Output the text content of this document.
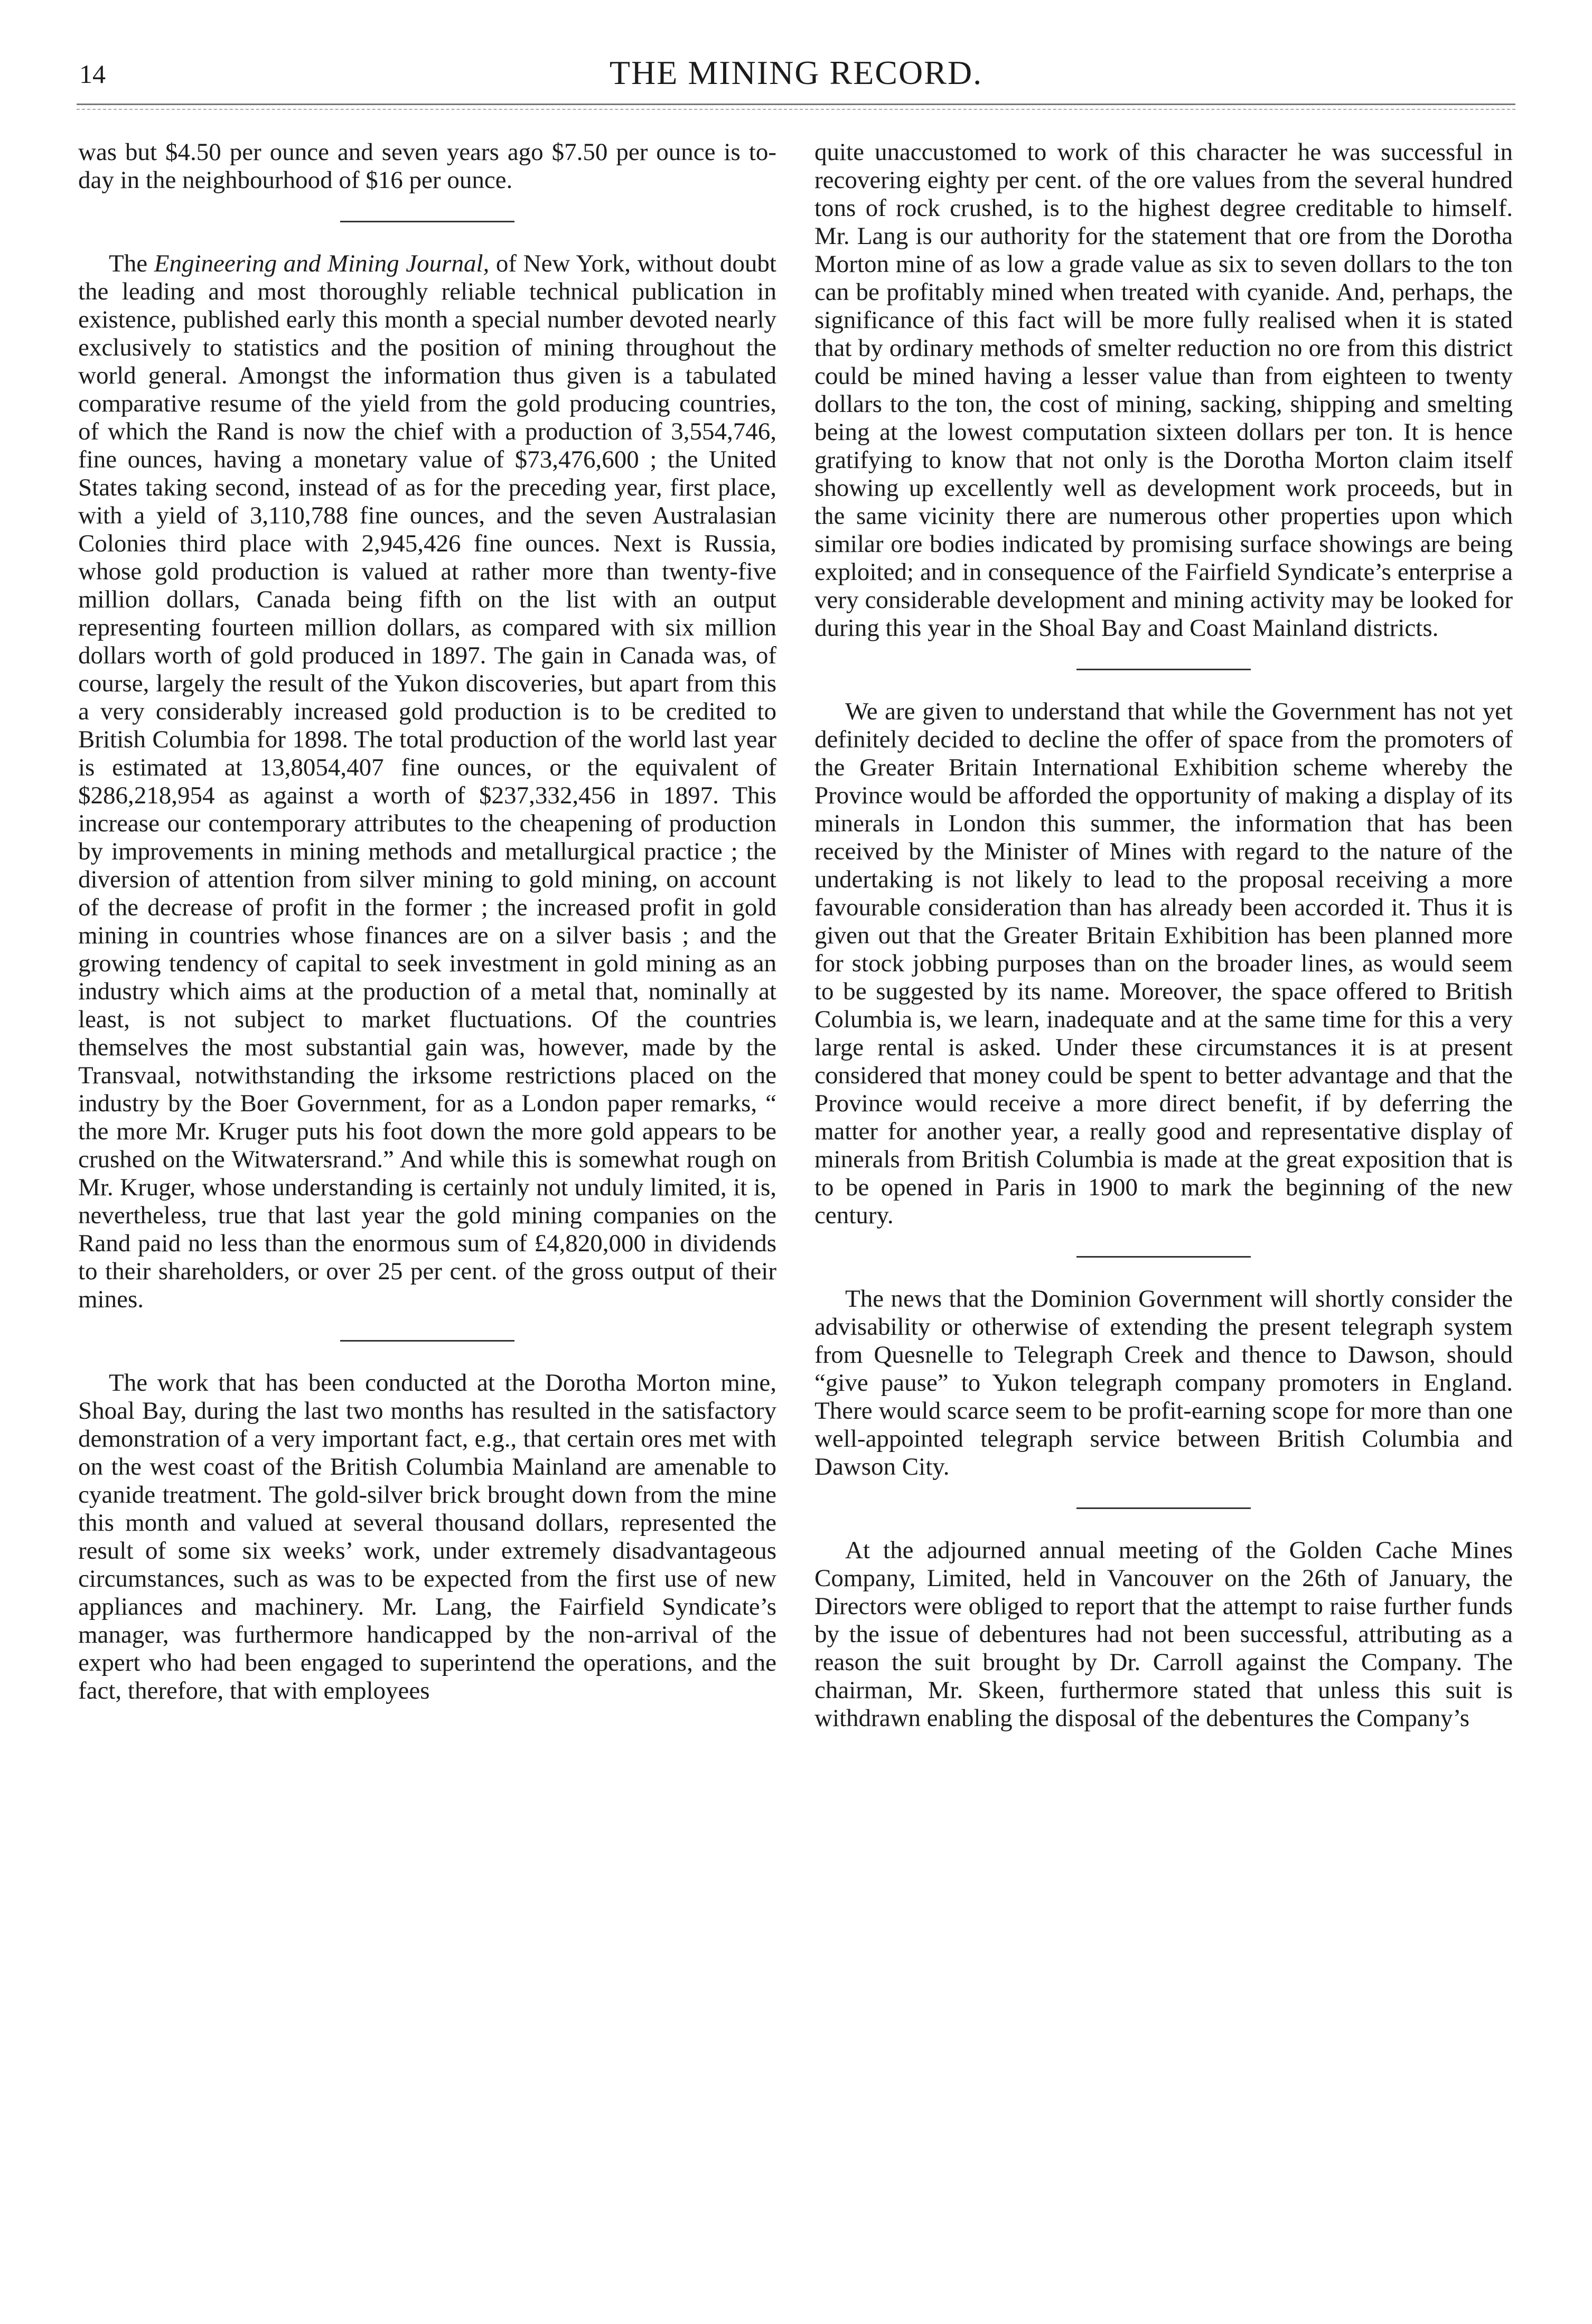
14	THE MINING RECORD.

was but $4.50 per ounce and seven years ago $7.50 per ounce is to-day in the neighbourhood of $16 per ounce.

The Engineering and Mining Journal, of New York, without doubt the leading and most thoroughly reliable technical publication in existence, published early this month a special number devoted nearly exclusively to statistics and the position of mining throughout the world general. Amongst the information thus given is a tabulated comparative resume of the yield from the gold producing countries, of which the Rand is now the chief with a production of 3,554,746, fine ounces, having a monetary value of $73,476,600 ; the United States taking second, instead of as for the preceding year, first place, with a yield of 3,110,788 fine ounces, and the seven Australasian Colonies third place with 2,945,426 fine ounces. Next is Russia, whose gold production is valued at rather more than twenty-five million dollars, Canada being fifth on the list with an output representing fourteen million dollars, as compared with six million dollars worth of gold produced in 1897. The gain in Canada was, of course, largely the result of the Yukon discoveries, but apart from this a very considerably increased gold production is to be credited to British Columbia for 1898. The total production of the world last year is estimated at 13,8054,407 fine ounces, or the equivalent of $286,218,954 as against a worth of $237,332,456 in 1897. This increase our contemporary attributes to the cheapening of production by improvements in mining methods and metallurgical practice ; the diversion of attention from silver mining to gold mining, on account of the decrease of profit in the former ; the increased profit in gold mining in countries whose finances are on a silver basis ; and the growing tendency of capital to seek investment in gold mining as an industry which aims at the production of a metal that, nominally at least, is not subject to market fluctuations. Of the countries themselves the most substantial gain was, however, made by the Transvaal, notwithstanding the irksome restrictions placed on the industry by the Boer Government, for as a London paper remarks, “ the more Mr. Kruger puts his foot down the more gold appears to be crushed on the Witwatersrand.” And while this is somewhat rough on Mr. Kruger, whose understanding is certainly not unduly limited, it is, nevertheless, true that last year the gold mining companies on the Rand paid no less than the enormous sum of £4,820,000 in dividends to their shareholders, or over 25 per cent. of the gross output of their mines.

The work that has been conducted at the Dorotha Morton mine, Shoal Bay, during the last two months has resulted in the satisfactory demonstration of a very important fact, e.g., that certain ores met with on the west coast of the British Columbia Mainland are amenable to cyanide treatment. The gold-silver brick brought down from the mine this month and valued at several thousand dollars, represented the result of some six weeks’ work, under extremely disadvantageous circumstances, such as was to be expected from the first use of new appliances and machinery. Mr. Lang, the Fairfield Syndicate’s manager, was furthermore handicapped by the non-arrival of the expert who had been engaged to superintend the operations, and the fact, therefore, that with employees

quite unaccustomed to work of this character he was successful in recovering eighty per cent. of the ore values from the several hundred tons of rock crushed, is to the highest degree creditable to himself. Mr. Lang is our authority for the statement that ore from the Dorotha Morton mine of as low a grade value as six to seven dollars to the ton can be profitably mined when treated with cyanide. And, perhaps, the significance of this fact will be more fully realised when it is stated that by ordinary methods of smelter reduction no ore from this district could be mined having a lesser value than from eighteen to twenty dollars to the ton, the cost of mining, sacking, shipping and smelting being at the lowest computation sixteen dollars per ton. It is hence gratifying to know that not only is the Dorotha Morton claim itself showing up excellently well as development work proceeds, but in the same vicinity there are numerous other properties upon which similar ore bodies indicated by promising surface showings are being exploited; and in consequence of the Fairfield Syndicate’s enterprise a very considerable development and mining activity may be looked for during this year in the Shoal Bay and Coast Mainland districts.

We are given to understand that while the Government has not yet definitely decided to decline the offer of space from the promoters of the Greater Britain International Exhibition scheme whereby the Province would be afforded the opportunity of making a display of its minerals in London this summer, the information that has been received by the Minister of Mines with regard to the nature of the undertaking is not likely to lead to the proposal receiving a more favourable consideration than has already been accorded it. Thus it is given out that the Greater Britain Exhibition has been planned more for stock jobbing purposes than on the broader lines, as would seem to be suggested by its name. Moreover, the space offered to British Columbia is, we learn, inadequate and at the same time for this a very large rental is asked. Under these circumstances it is at present considered that money could be spent to better advantage and that the Province would receive a more direct benefit, if by deferring the matter for another year, a really good and representative display of minerals from British Columbia is made at the great exposition that is to be opened in Paris in 1900 to mark the beginning of the new century.

The news that the Dominion Government will shortly consider the advisability or otherwise of extending the present telegraph system from Quesnelle to Telegraph Creek and thence to Dawson, should “give pause” to Yukon telegraph company promoters in England. There would scarce seem to be profit-earning scope for more than one well-appointed telegraph service between British Columbia and Dawson City.

At the adjourned annual meeting of the Golden Cache Mines Company, Limited, held in Vancouver on the 26th of January, the Directors were obliged to report that the attempt to raise further funds by the issue of debentures had not been successful, attributing as a reason the suit brought by Dr. Carroll against the Company. The chairman, Mr. Skeen, furthermore stated that unless this suit is withdrawn enabling the disposal of the debentures the Company’s
